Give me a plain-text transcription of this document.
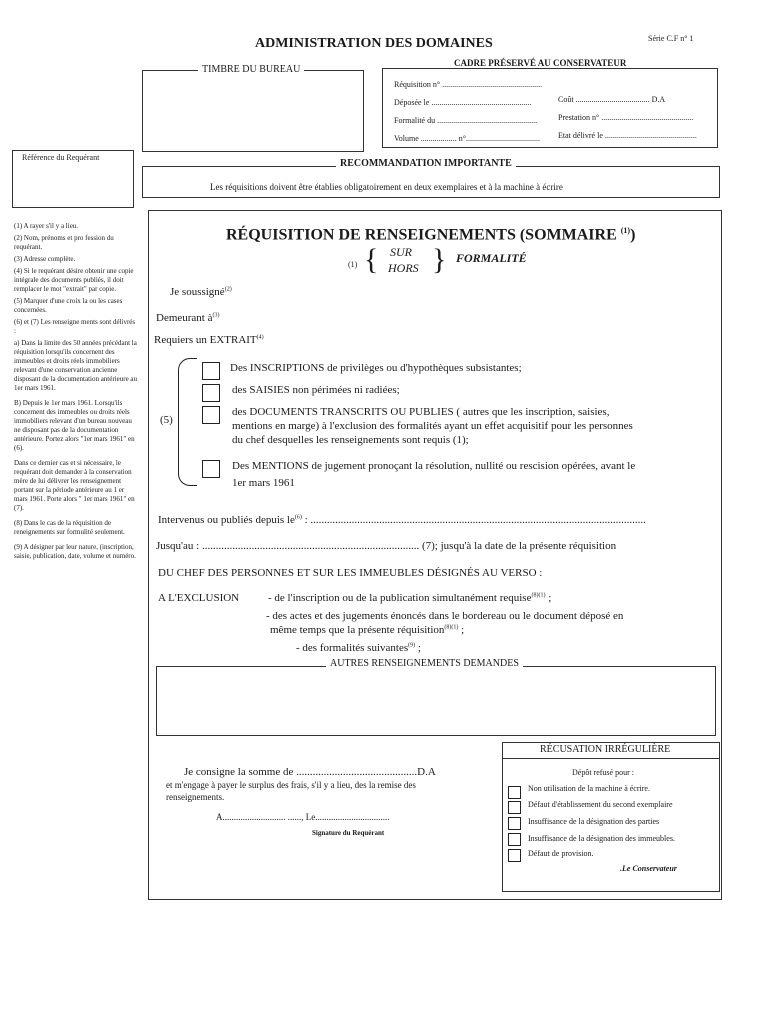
ADMINISTRATION DES DOMAINES	Série C.F n° 1
TIMBRE DU BUREAU
CADRE PRÉSERVÉ AU CONSERVATEUR
Réquisition n° ..................................................
Déposée le ..................................................
Formalité du ..................................................
Volume .................. n°.....................................
Coût ..................................... D.A
Prestation n° ..............................................
Etat délivré le ..............................................
Référence du Requérant
RECOMMANDATION IMPORTANTE
Les réquisitions doivent être établies obligatoirement en deux exemplaires et à la machine à écrire

(1) A rayer s'il y a lieu.

(2) Nom, prénoms et pro fession du requérant.

(3) Adresse complète.

(4) Si le requérant désire obtenir une copie intégrale des documents publiés, il doit remplacer le mot "extrait" par copie.

(5) Marquer d'une croix la ou les cases concernées.

(6) et (7) Les renseigne ments sont délivrés :

a) Dans la limite des 50 années précédant la réquisition lorsqu'ils concernent des immeubles et droits réels immobiliers relevant d'une conservation ancienne disposant de la documentation antérieure au 1er mars 1961.

B) Depuis le 1er mars 1961. Lorsqu'ils concernent des immeubles ou droits réels immobiliers relevant d'un bureau nouveau ne disposant pas de la documentation antérieure. Portez alors "1er mars 1961" en (6).

Dans ce dernier cas et si nécessaire, le requérant doit demander à la conservation mère de lui délivrer les renseignement portant sur la période antérieure au 1 er mars 1961. Porte alors " 1er mars 1961" en (7).

(8) Dans le cas de la réquisition de reneignements sur formulité seulement.

(9) A désigner par leur nature, (inscription, saisie, publication, date, volume et numéro.

RÉQUISITION DE RENSEIGNEMENTS (SOMMAIRE $^{(1)}$)
(1) { SUR
HORS } FORMALITÉ
Je soussigné$^{(2)}$
Demeurant $à^{(3)}$
Requiers un EXTRAIT$^{(4)}$
(5)
Des INSCRIPTIONS de privilèges ou d'hypothèques subsistantes;
des SAISIES non périmées ni radiées;
des DOCUMENTS TRANSCRITS OU PUBLIES ( autres que les inscription, saisies,
mentions en marge) à l'exclusion des formalités ayant un effet acquisitif pour les personnes
du chef desquelles les renseignements sont requis (1);
Des MENTIONS de jugement pronoçant la résolution, nullité ou rescision opérées, avant le
1er mars 1961
Intervenus ou publiés depuis $le^{(6)}$ : ..........................................................................................................................
Jusqu'au : ............................................................................... (7); jusqu'à la date de la présente réquisition
DU CHEF DES PERSONNES ET SUR LES IMMEUBLES DÉSIGNÉS AU VERSO :
A L'EXCLUSION	- de l'inscription ou de la publication simultanément requise$^{(8)(1)}$ ;
- des actes et des jugements énoncés dans le bordereau ou le document déposé en
même temps que la présente réquisition$^{(8)(1)}$ ;
- des formalités suivantes$^{(9)}$ ;
AUTRES RENSEIGNEMENTS DEMANDES
Je consigne la somme de ............................................D.A
et m'engage à payer le surplus des frais, s'il y a lieu, des la remise des
renseignements.
A............................ ......, Le.................................
Signature du Requérant
RÉCUSATION IRRÉGULIÈRE
Dépôt refusé pour :
Non utilisation de la machine à écrire.
Défaut d'établissement du second exemplaire
Insuffisance de la désignation des parties
Insuffisance de la désignation des immeubles.
Défaut de provision.
.Le Conservateur
